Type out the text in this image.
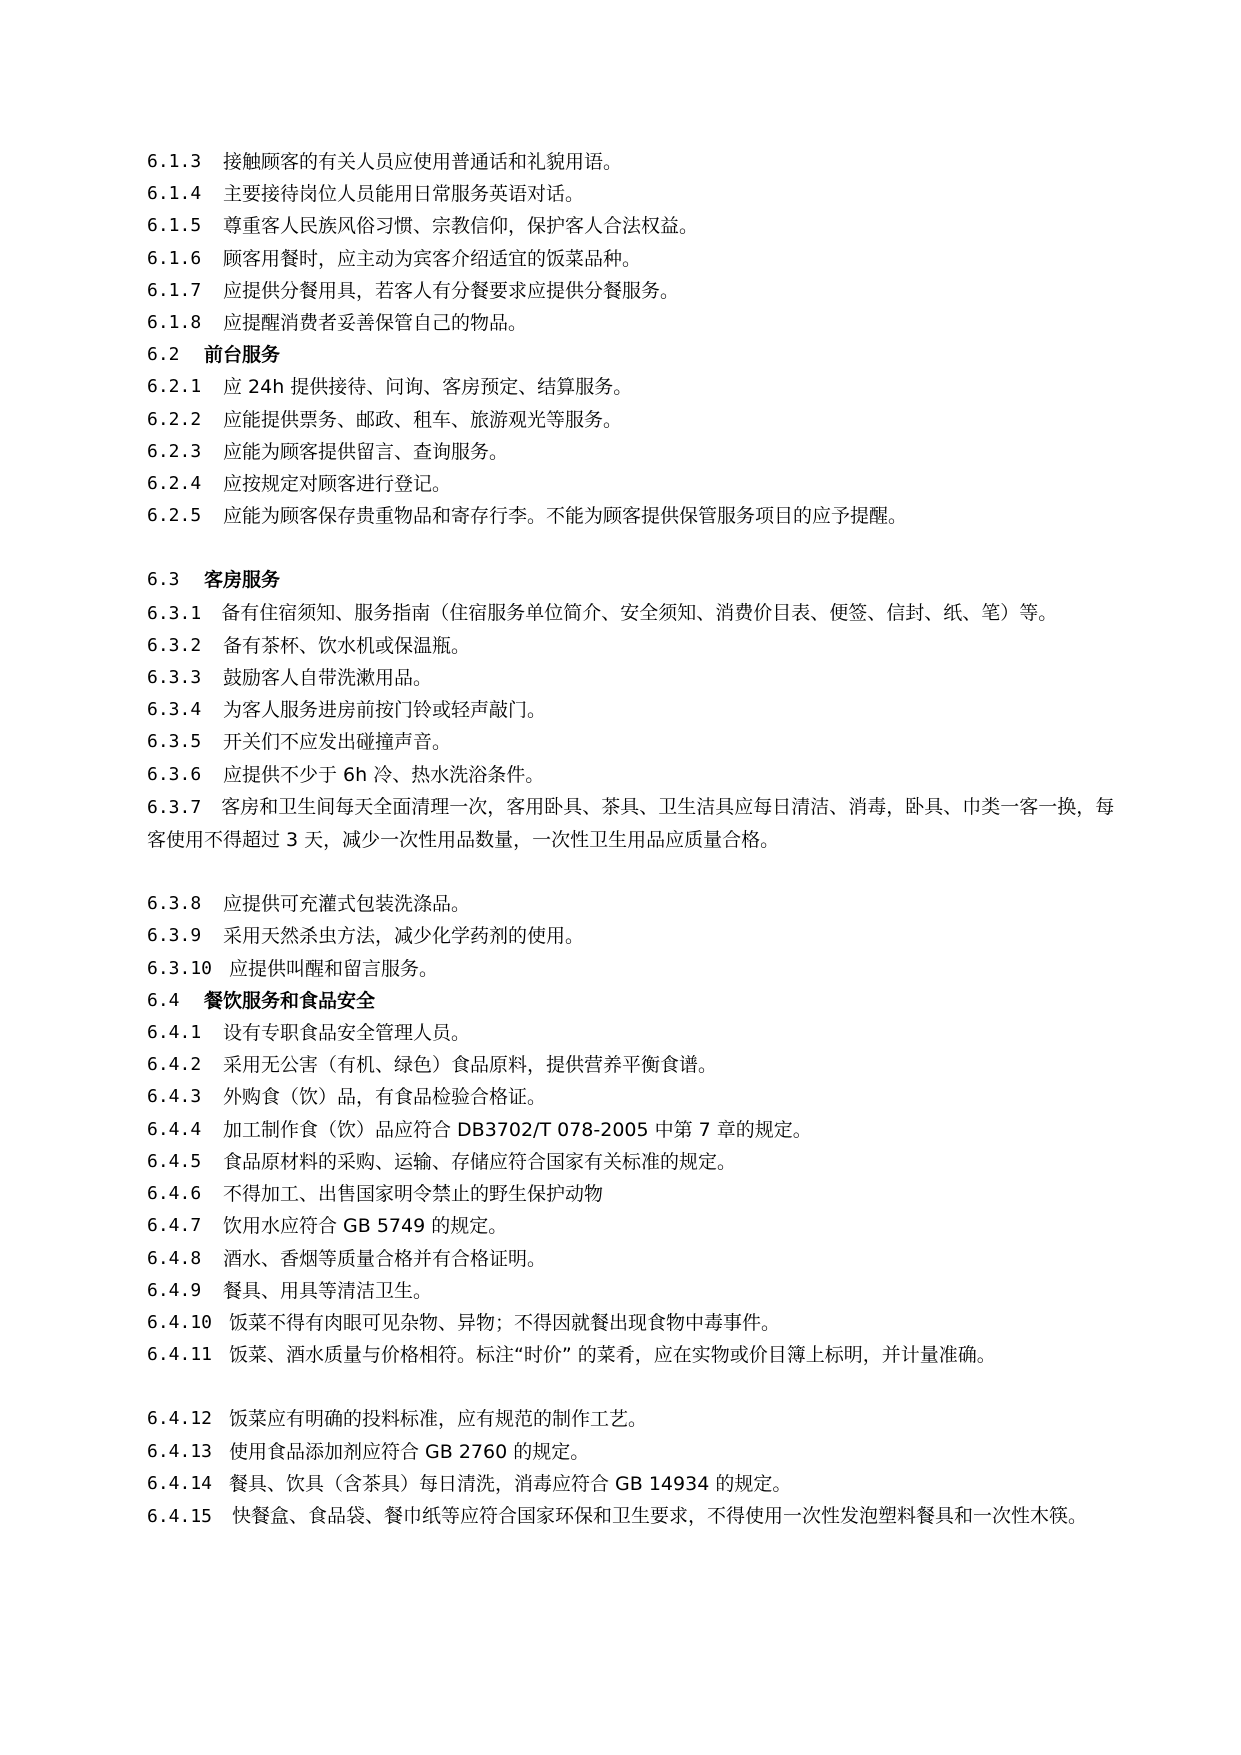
6.1.3	接触顾客的有关人员应使用普通话和礼貌用语。
6.1.4	主要接待岗位人员能用日常服务英语对话。
6.1.5	尊重客人民族风俗习惯、宗教信仰，保护客人合法权益。
6.1.6	顾客用餐时，应主动为宾客介绍适宜的饭菜品种。
6.1.7	应提供分餐用具，若客人有分餐要求应提供分餐服务。
6.1.8	应提醒消费者妥善保管自己的物品。
6.2	前台服务
6.2.1	应 24h 提供接待、问询、客房预定、结算服务。
6.2.2	应能提供票务、邮政、租车、旅游观光等服务。
6.2.3	应能为顾客提供留言、查询服务。
6.2.4	应按规定对顾客进行登记。
6.2.5	应能为顾客保存贵重物品和寄存行李。不能为顾客提供保管服务项目的应予提醒。
6.3	客房服务
6.3.1 备有住宿须知、服务指南（住宿服务单位简介、安全须知、消费价目表、便签、信封、纸、笔）等。
6.3.2	备有茶杯、饮水机或保温瓶。
6.3.3	鼓励客人自带洗漱用品。
6.3.4	为客人服务进房前按门铃或轻声敲门。
6.3.5	开关们不应发出碰撞声音。
6.3.6	应提供不少于 6h 冷、热水洗浴条件。
6.3.7 客房和卫生间每天全面清理一次，客用卧具、茶具、卫生洁具应每日清洁、消毒，卧具、巾类一客一换，每客使用不得超过 3 天，减少一次性用品数量，一次性卫生用品应质量合格。
6.3.8	应提供可充灌式包装洗涤品。
6.3.9	采用天然杀虫方法，减少化学药剂的使用。
6.3.10 应提供叫醒和留言服务。
6.4	餐饮服务和食品安全
6.4.1	设有专职食品安全管理人员。
6.4.2	采用无公害（有机、绿色）食品原料，提供营养平衡食谱。
6.4.3	外购食（饮）品，有食品检验合格证。
6.4.4	加工制作食（饮）品应符合 DB3702/T 078-2005 中第 7 章的规定。
6.4.5	食品原材料的采购、运输、存储应符合国家有关标准的规定。
6.4.6	不得加工、出售国家明令禁止的野生保护动物
6.4.7	饮用水应符合 GB 5749 的规定。
6.4.8	酒水、香烟等质量合格并有合格证明。
6.4.9	餐具、用具等清洁卫生。
6.4.10 饭菜不得有肉眼可见杂物、异物；不得因就餐出现食物中毒事件。
6.4.11 饭菜、酒水质量与价格相符。标注“时价” 的菜肴，应在实物或价目簿上标明，并计量准确。
6.4.12 饭菜应有明确的投料标准，应有规范的制作工艺。
6.4.13 使用食品添加剂应符合 GB 2760 的规定。
6.4.14 餐具、饮具（含茶具）每日清洗，消毒应符合 GB 14934 的规定。
6.4.15 快餐盒、食品袋、餐巾纸等应符合国家环保和卫生要求，不得使用一次性发泡塑料餐具和一次性木筷。
